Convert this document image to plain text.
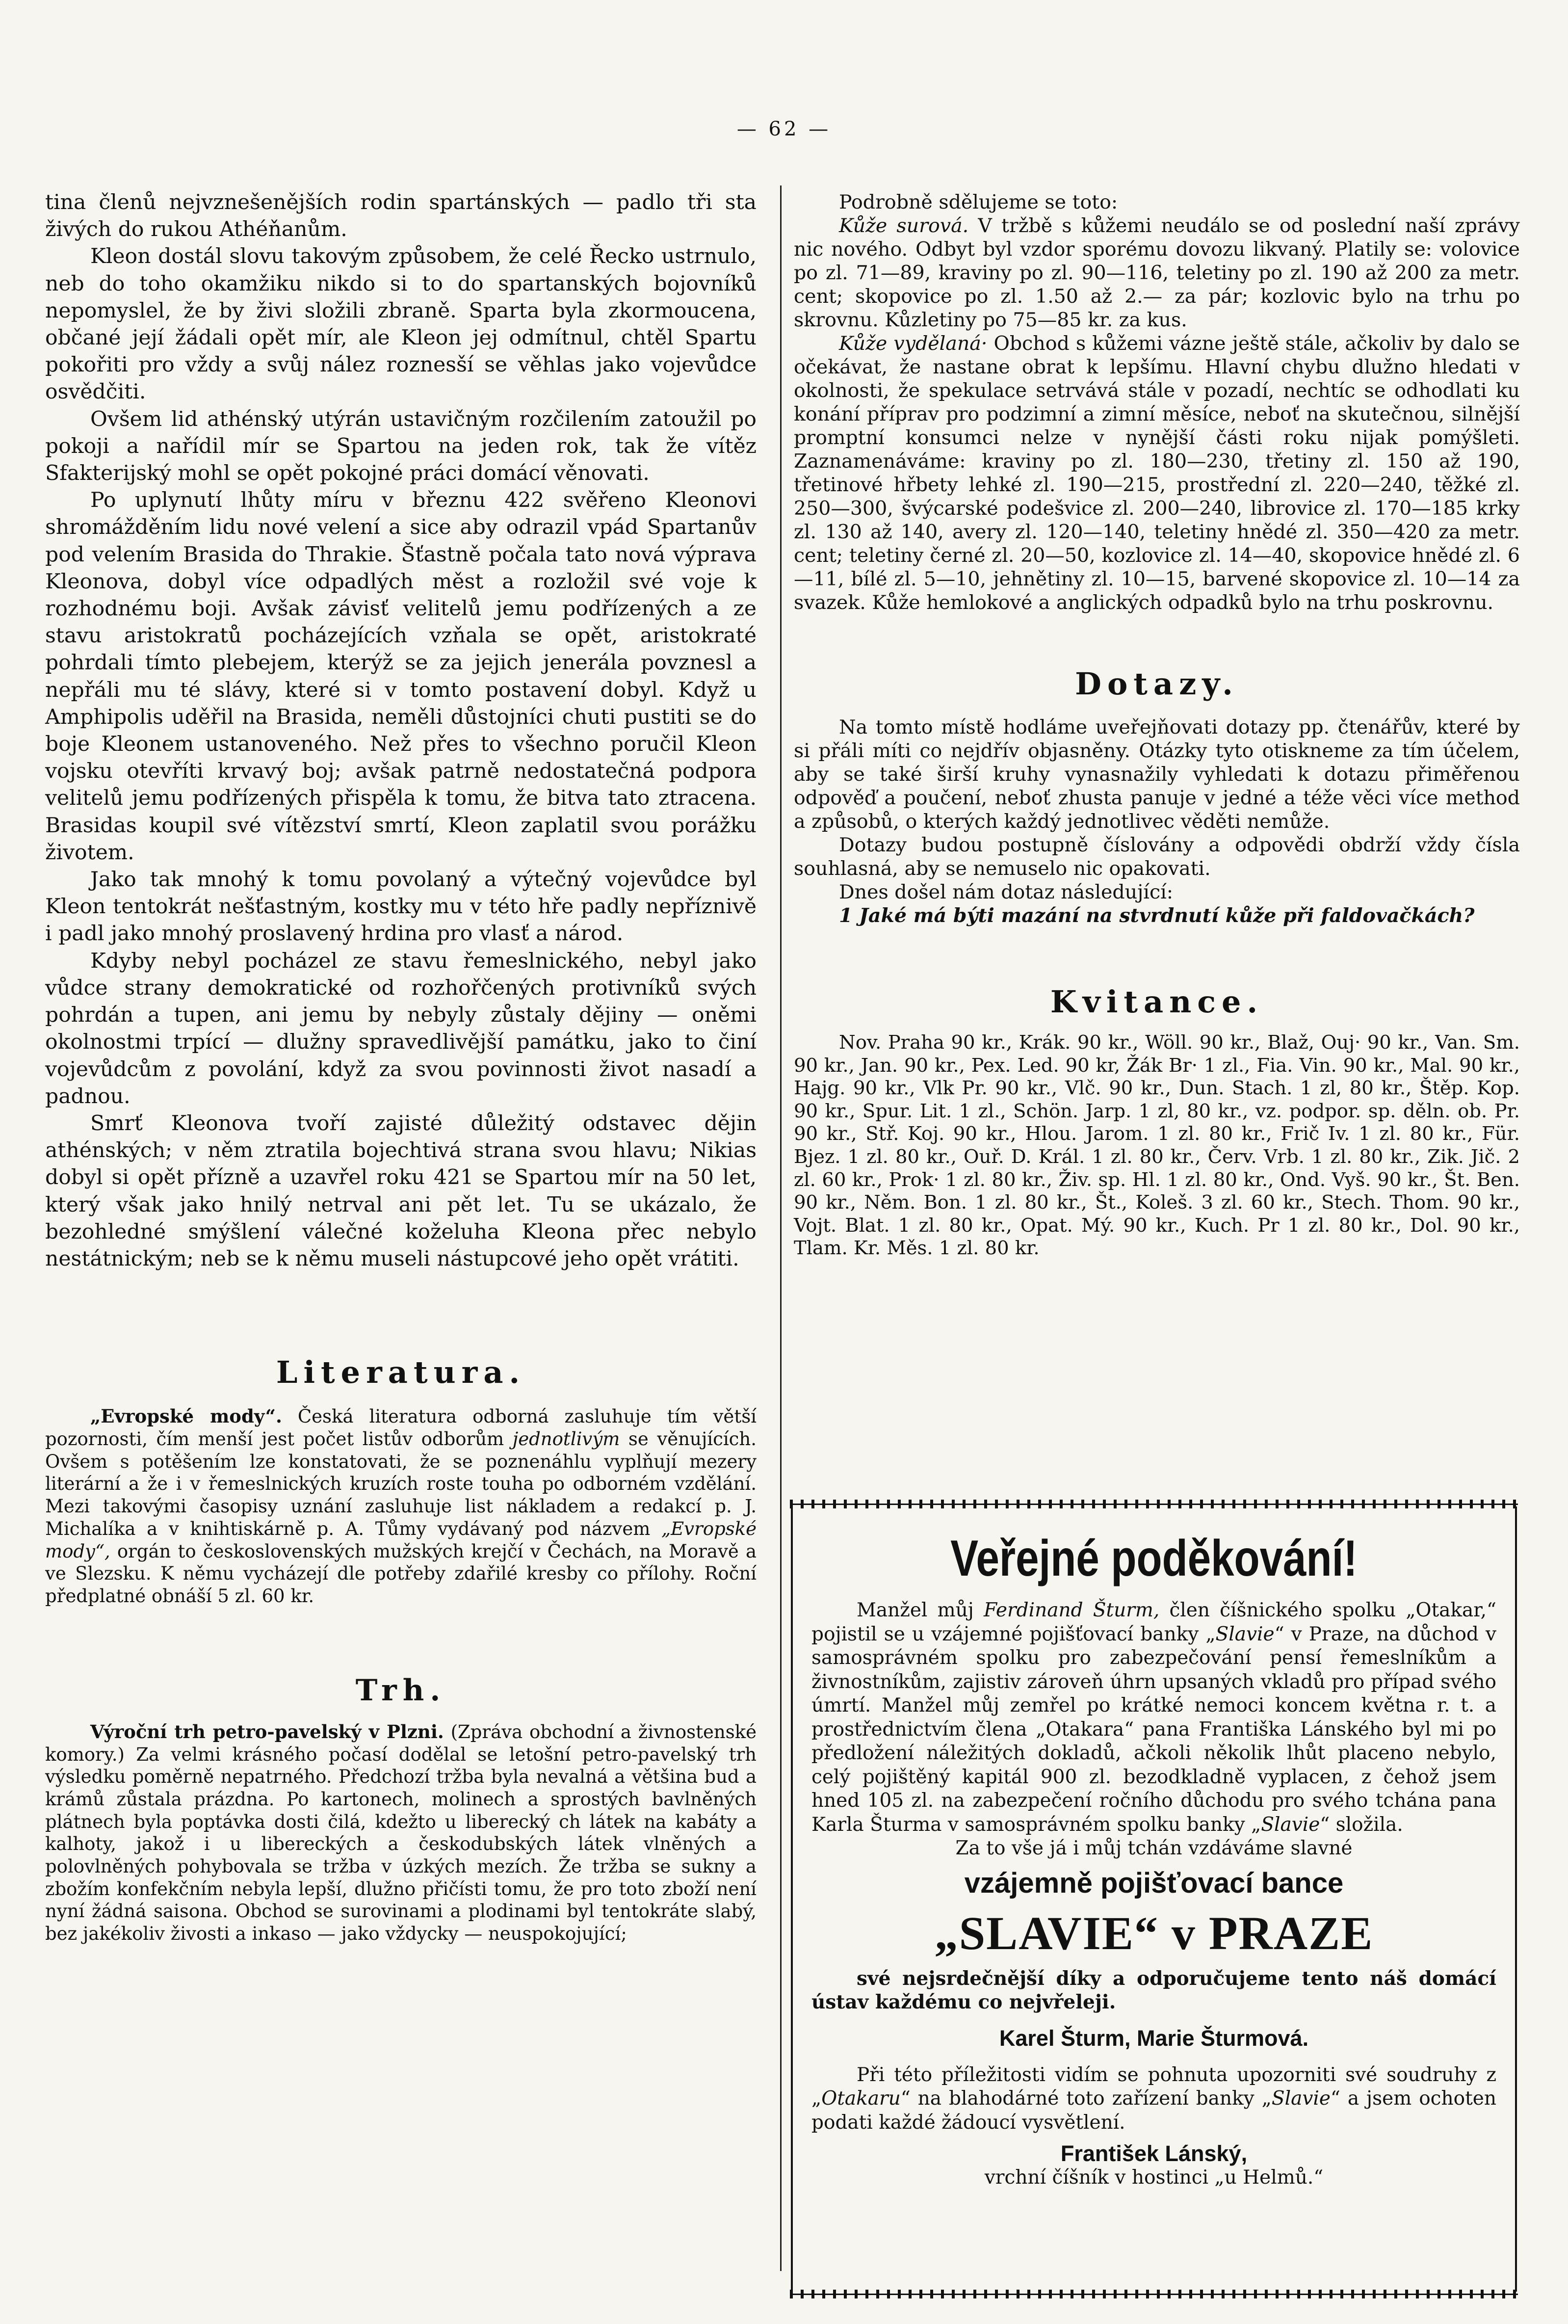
— 62 —

tina členů nejvznešenějších rodin spartánských — padlo tři sta živých do rukou Athéňanům.

Kleon dostál slovu takovým způsobem, že celé Řecko ustrnulo, neb do toho okamžiku nikdo si to do spartanských bojovníků nepomyslel, že by živi složili zbraně. Sparta byla zkormoucena, občané její žádali opět mír, ale Kleon jej odmítnul, chtěl Spartu pokořiti pro vždy a svůj nález roznesší se věhlas jako vojevůdce osvědčiti.

Ovšem lid athénský utýrán ustavičným rozčilením zatoužil po pokoji a nařídil mír se Spartou na jeden rok, tak že vítěz Sfakterijský mohl se opět pokojné práci domácí věnovati.

Po uplynutí lhůty míru v březnu 422 svěřeno Kleonovi shromážděním lidu nové velení a sice aby odrazil vpád Spartanův pod velením Brasida do Thrakie. Šťastně počala tato nová výprava Kleonova, dobyl více odpadlých měst a rozložil své voje k rozhodnému boji. Avšak závisť velitelů jemu podřízených a ze stavu aristokratů pocházejících vzňala se opět, aristokraté pohrdali tímto plebejem, kterýž se za jejich jenerála povznesl a nepřáli mu té slávy, které si v tomto postavení dobyl. Když u Amphipolis uděřil na Brasida, neměli důstojníci chuti pustiti se do boje Kleonem ustanoveného. Než přes to všechno poručil Kleon vojsku otevříti krvavý boj; avšak patrně nedostatečná podpora velitelů jemu podřízených přispěla k tomu, že bitva tato ztracena. Brasidas koupil své vítězství smrtí, Kleon zaplatil svou porážku životem.

Jako tak mnohý k tomu povolaný a výtečný vojevůdce byl Kleon tentokrát nešťastným, kostky mu v této hře padly nepříznivě i padl jako mnohý proslavený hrdina pro vlasť a národ.

Kdyby nebyl pocházel ze stavu řemeslnického, nebyl jako vůdce strany demokratické od rozhořčených protivníků svých pohrdán a tupen, ani jemu by nebyly zůstaly dějiny — oněmi okolnostmi trpící — dlužny spravedlivější památku, jako to činí vojevůdcům z povolání, když za svou povinnosti život nasadí a padnou.

Smrť Kleonova tvoří zajisté důležitý odstavec dějin athénských; v něm ztratila bojechtivá strana svou hlavu; Nikias dobyl si opět přízně a uzavřel roku 421 se Spartou mír na 50 let, který však jako hnilý netrval ani pět let. Tu se ukázalo, že bezohledné smýšlení válečné koželuha Kleona přec nebylo nestátnickým; neb se k němu museli nástupcové jeho opět vrátiti.

Literatura.

„Evropské mody“. Česká literatura odborná zasluhuje tím větší pozornosti, čím menší jest počet listův odborům jednotlivým se věnujících. Ovšem s potěšením lze konstatovati, že se poznenáhlu vyplňují mezery literární a že i v řemeslnických kruzích roste touha po odborném vzdělání. Mezi takovými časopisy uznání zasluhuje list nákladem a redakcí p. J. Michalíka a v knihtiskárně p. A. Tůmy vydávaný pod názvem „Evropské mody“, orgán to československých mužských krejčí v Čechách, na Moravě a ve Slezsku. K němu vycházejí dle potřeby zdařilé kresby co přílohy. Roční předplatné obnáší 5 zl. 60 kr.

Trh.

Výroční trh petro-pavelský v Plzni. (Zpráva obchodní a živnostenské komory.) Za velmi krásného počasí dodělal se letošní petro-pavelský trh výsledku poměrně nepatrného. Předchozí tržba byla nevalná a většina bud a krámů zůstala prázdna. Po kartonech, molinech a sprostých bavlněných plátnech byla poptávka dosti čilá, kdežto u liberecký ch látek na kabáty a kalhoty, jakož i u libereckých a českodubských látek vlněných a polovlněných pohybovala se tržba v úzkých mezích. Že tržba se sukny a zbožím konfekčním nebyla lepší, dlužno přičísti tomu, že pro toto zboží není nyní žádná saisona. Obchod se surovinami a plodinami byl tentokráte slabý, bez jakékoliv živosti a inkaso — jako vždycky — neuspokojující;

Podrobně sdělujeme se toto:

Kůže surová. V tržbě s kůžemi neudálo se od poslední naší zprávy nic nového. Odbyt byl vzdor sporému dovozu likvaný. Platily se: volovice po zl. 71—89, kraviny po zl. 90—116, teletiny po zl. 190 až 200 za metr. cent; skopovice po zl. 1.50 až 2.— za pár; kozlovic bylo na trhu po skrovnu. Kůzletiny po 75—85 kr. za kus.

Kůže vydělaná· Obchod s kůžemi vázne ještě stále, ačkoliv by dalo se očekávat, že nastane obrat k lepšímu. Hlavní chybu dlužno hledati v okolnosti, že spekulace setrvává stále v pozadí, nechtíc se odhodlati ku konání příprav pro podzimní a zimní měsíce, neboť na skutečnou, silnější promptní konsumci nelze v nynější části roku nijak pomýšleti. Zaznamenáváme: kraviny po zl. 180—230, třetiny zl. 150 až 190, třetinové hřbety lehké zl. 190—215, prostřední zl. 220—240, těžké zl. 250—300, švýcarské podešvice zl. 200—240, librovice zl. 170—185 krky zl. 130 až 140, avery zl. 120—140, teletiny hnědé zl. 350—420 za metr. cent; teletiny černé zl. 20—50, kozlovice zl. 14—40, skopovice hnědé zl. 6—11, bílé zl. 5—10, jehnětiny zl. 10—15, barvené skopovice zl. 10—14 za svazek. Kůže hemlokové a anglických odpadků bylo na trhu poskrovnu.

Dotazy.

Na tomto místě hodláme uveřejňovati dotazy pp. čtenářův, které by si přáli míti co nejdřív objasněny. Otázky tyto otiskneme za tím účelem, aby se také širší kruhy vynasnažily vyhledati k dotazu přiměřenou odpověď a poučení, neboť zhusta panuje v jedné a téže věci více method a způsobů, o kterých každý jednotlivec věděti nemůže.

Dotazy budou postupně číslovány a odpovědi obdrží vždy čísla souhlasná, aby se nemuselo nic opakovati.

Dnes došel nám dotaz následující:

1 Jaké má býti mazání na stvrdnutí kůže při faldovačkách?

Kvitance.

Nov. Praha 90 kr., Krák. 90 kr., Wöll. 90 kr., Blaž, Ouj· 90 kr., Van. Sm. 90 kr., Jan. 90 kr., Pex. Led. 90 kr, Žák Br· 1 zl., Fia. Vin. 90 kr., Mal. 90 kr., Hajg. 90 kr., Vlk Pr. 90 kr., Vlč. 90 kr., Dun. Stach. 1 zl, 80 kr., Štěp. Kop. 90 kr., Spur. Lit. 1 zl., Schön. Jarp. 1 zl, 80 kr., vz. podpor. sp. děln. ob. Pr. 90 kr., Stř. Koj. 90 kr., Hlou. Jarom. 1 zl. 80 kr., Frič Iv. 1 zl. 80 kr., Für. Bjez. 1 zl. 80 kr., Ouř. D. Král. 1 zl. 80 kr., Červ. Vrb. 1 zl. 80 kr., Zik. Jič. 2 zl. 60 kr., Prok· 1 zl. 80 kr., Živ. sp. Hl. 1 zl. 80 kr., Ond. Vyš. 90 kr., Št. Ben. 90 kr., Něm. Bon. 1 zl. 80 kr., Št., Koleš. 3 zl. 60 kr., Stech. Thom. 90 kr., Vojt. Blat. 1 zl. 80 kr., Opat. Mý. 90 kr., Kuch. Pr 1 zl. 80 kr., Dol. 90 kr., Tlam. Kr. Měs. 1 zl. 80 kr.

Veřejné poděkování!

Manžel můj Ferdinand Šturm, člen číšnického spolku „Otakar,“ pojistil se u vzájemné pojišťovací banky „Slavie“ v Praze, na důchod v samosprávném spolku pro zabezpečování pensí řemeslníkům a živnostníkům, zajistiv zároveň úhrn upsaných vkladů pro případ svého úmrtí. Manžel můj zemřel po krátké nemoci koncem května r. t. a prostřednictvím člena „Otakara“ pana Františka Lánského byl mi po předložení náležitých dokladů, ačkoli několik lhůt placeno nebylo, celý pojištěný kapitál 900 zl. bezodkladně vyplacen, z čehož jsem hned 105 zl. na zabezpečení ročního důchodu pro svého tchána pana Karla Šturma v samosprávném spolku banky „Slavie“ složila.

Za to vše já i můj tchán vzdáváme slavné

vzájemně pojišťovací bance

„SLAVIE“ v PRAZE

své nejsrdečnější díky a odporučujeme tento náš domácí ústav každému co nejvřeleji.

Karel Šturm, Marie Šturmová.

Při této příležitosti vidím se pohnuta upozorniti své soudruhy z „Otakaru“ na blahodárné toto zařízení banky „Slavie“ a jsem ochoten podati každé žádoucí vysvětlení.

František Lánský,

vrchní číšník v hostinci „u Helmů.“
